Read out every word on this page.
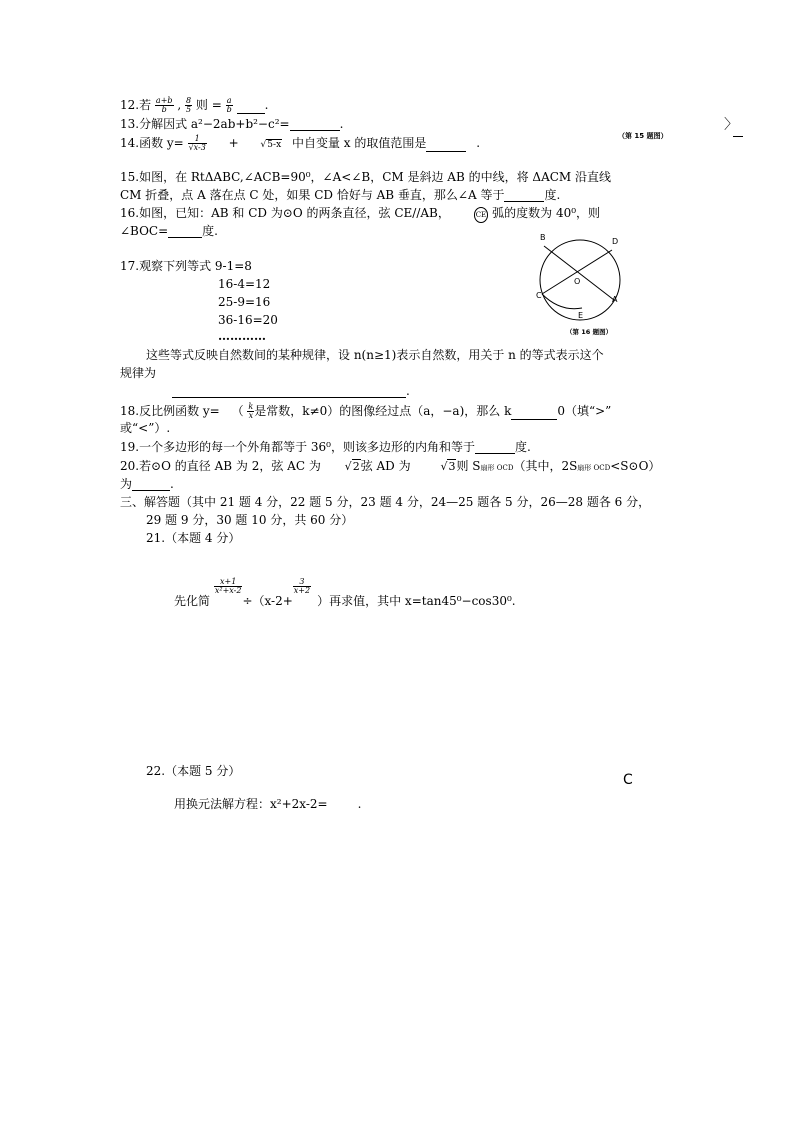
12.若 $\frac{a+b}{b}$ , $\frac{8}{5}$ 则 = $\frac{a}{b}$	.
13.分解因式 a²−2ab+b²−c²=	.
14.函数 $y= \frac{1}{√x-3} + √5-x$ 中自变量 x 的取值范围是	.	（第 15 题图）
〉
15.如图，在 RtΔABC,∠ACB=90⁰，∠A<∠B，CM 是斜边 AB 的中线，将 ΔACM 沿直线
CM 折叠，点 A 落在点 C 处，如果 CD 恰好与 AB 垂直，那么∠A 等于	度.
16.如图，已知：AB 和 CD 为⊙O 的两条直径，弦 CE//AB，	CE 弧的度数为 40⁰，则
∠BOC=	度.	B	D
O
C	A
E
（第 16 题图）
17.观察下列等式 9-1=8
16-4=12
25-9=16
36-16=20
…………
这些等式反映自然数间的某种规律，设 n(n≥1)表示自然数，用关于 n 的等式表示这个
规律为
.
18.反比例函数 y= （ $\frac{k}{x}$ 是常数，k≠0）的图像经过点（a，−a)，那么 k	0（填“>”
或“<”）.
19.一个多边形的每一个外角都等于 36⁰，则该多边形的内角和等于	度.
20.若⊙O 的直径 AB 为 2，弦 AC 为 √2弦 AD 为	√3则 S扇形 OCD（其中，2S扇形 OCD<S⊙O）
为	.
三、解答题（其中 21 题 4 分，22 题 5 分，23 题 4 分，24—25 题各 5 分，26—28 题各 6 分，
29 题 9 分，30 题 10 分，共 60 分）
21.（本题 4 分）
先化简
$\frac{x+1}{\text{x²+x-2}}$
÷（x-2+
$\frac{3}{x+2}$
）再求值，其中 x=tan45⁰−cos30⁰.
22.（本题 5 分）
C
用换元法解方程：x²+2x-2=	.
